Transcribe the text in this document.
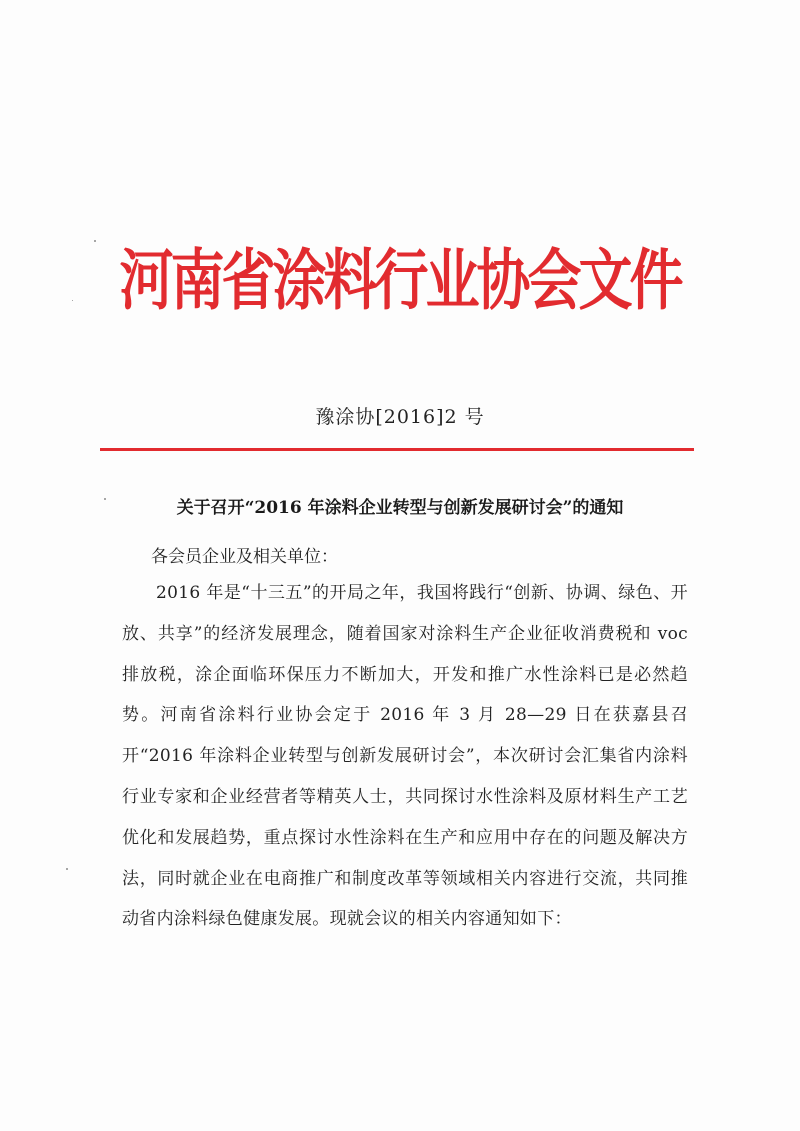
河南省涂料行业协会文件
豫涂协[2016]2 号
关于召开“2016 年涂料企业转型与创新发展研讨会”的通知
各会员企业及相关单位：

2016 年是“十三五”的开局之年，我国将践行“创新、协调、绿色、开放、共享”的经济发展理念，随着国家对涂料生产企业征收消费税和 voc 排放税，涂企面临环保压力不断加大，开发和推广水性涂料已是必然趋势。河南省涂料行业协会定于 2016 年 3 月 28—29 日在获嘉县召开“2016 年涂料企业转型与创新发展研讨会”，本次研讨会汇集省内涂料行业专家和企业经营者等精英人士，共同探讨水性涂料及原材料生产工艺优化和发展趋势，重点探讨水性涂料在生产和应用中存在的问题及解决方法，同时就企业在电商推广和制度改革等领域相关内容进行交流，共同推动省内涂料绿色健康发展。现就会议的相关内容通知如下：
